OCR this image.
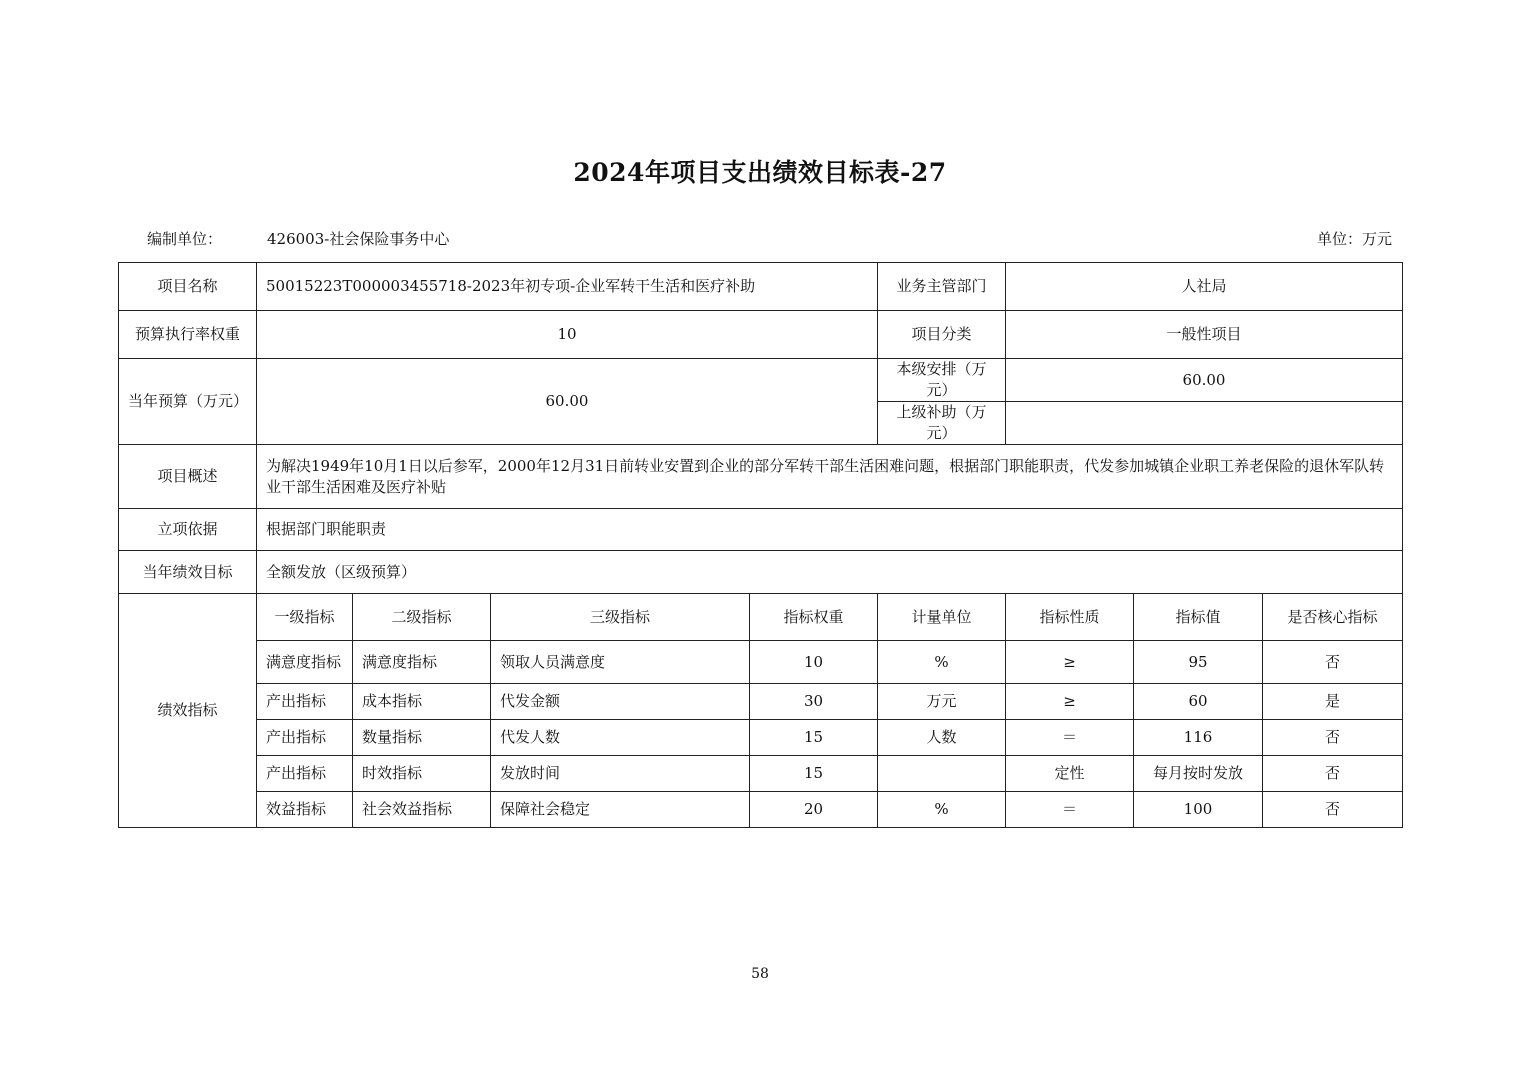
2024年项目支出绩效目标表-27
编制单位：	426003-社会保险事务中心	单位：万元
项目名称	50015223T000003455718-2023年初专项-企业军转干生活和医疗补助				业务主管部门	人社局		
预算执行率权重	10				项目分类	一般性项目		
当年预算（万元）	60.00				本级安排（万元）	60.00		
					上级补助（万元）			
项目概述	为解决1949年10月1日以后参军，2000年12月31日前转业安置到企业的部分军转干部生活困难问题，根据部门职能职责，代发参加城镇企业职工养老保险的退休军队转业干部生活困难及医疗补贴							
立项依据	根据部门职能职责							
当年绩效目标	全额发放（区级预算）							
绩效指标	一级指标	二级指标	三级指标	指标权重	计量单位	指标性质	指标值	是否核心指标
	满意度指标	满意度指标	领取人员满意度	10	%	≥	95	否
	产出指标	成本指标	代发金额	30	万元	≥	60	是
	产出指标	数量指标	代发人数	15	人数	＝	116	否
	产出指标	时效指标	发放时间	15		定性	每月按时发放	否
	效益指标	社会效益指标	保障社会稳定	20	%	＝	100	否
58
